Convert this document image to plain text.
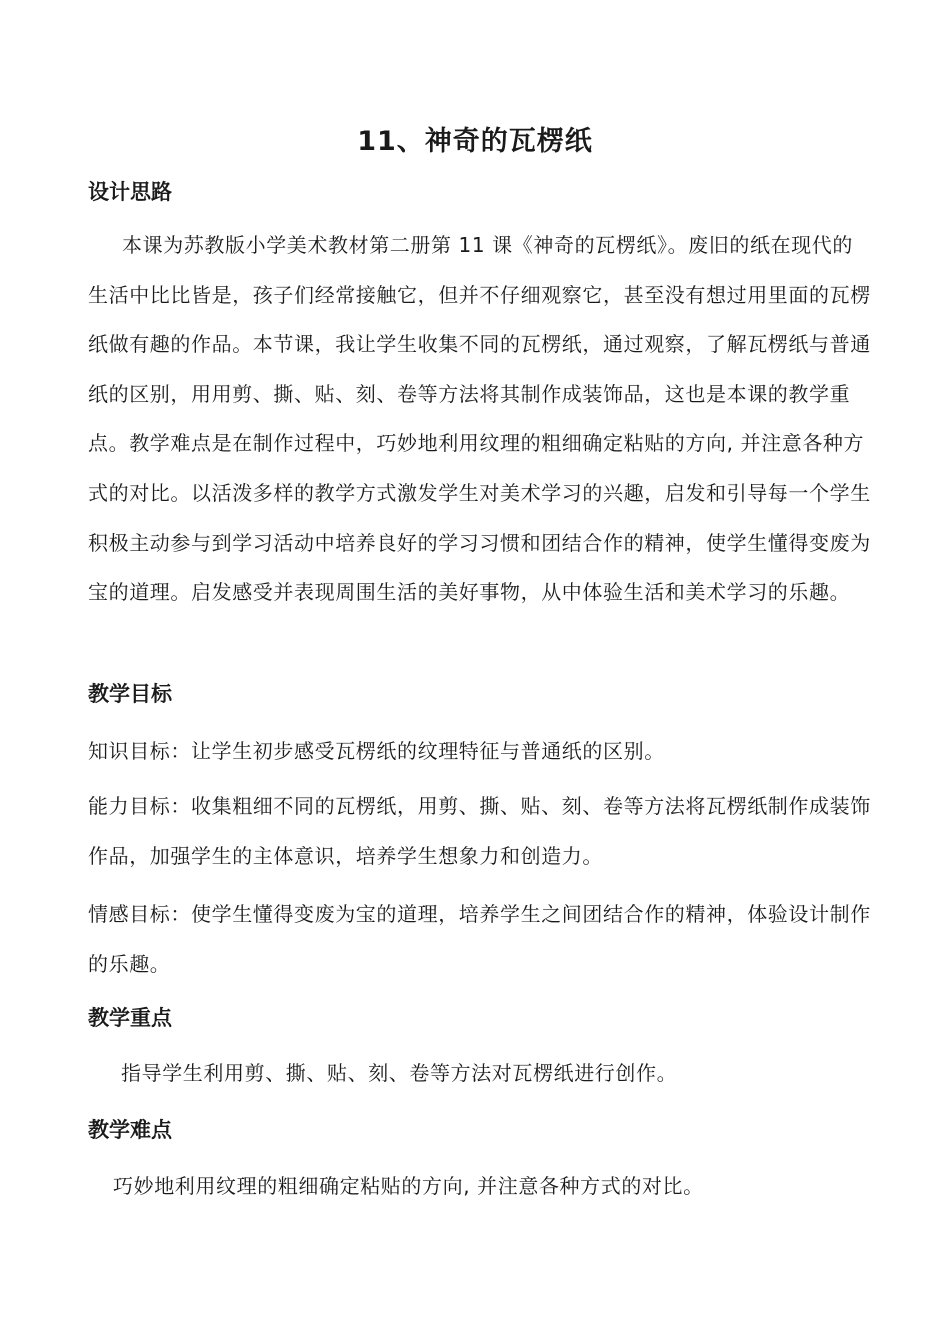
11、神奇的瓦楞纸
设计思路

本课为苏教版小学美术教材第二册第 11 课《神奇的瓦楞纸》。废旧的纸在现代的生活中比比皆是，孩子们经常接触它，但并不仔细观察它，甚至没有想过用里面的瓦楞纸做有趣的作品。本节课，我让学生收集不同的瓦楞纸，通过观察，了解瓦楞纸与普通纸的区别，用用剪、撕、贴、刻、卷等方法将其制作成装饰品，这也是本课的教学重点。教学难点是在制作过程中，巧妙地利用纹理的粗细确定粘贴的方向, 并注意各种方式的对比。以活泼多样的教学方式激发学生对美术学习的兴趣，启发和引导每一个学生积极主动参与到学习活动中培养良好的学习习惯和团结合作的精神，使学生懂得变废为宝的道理。启发感受并表现周围生活的美好事物，从中体验生活和美术学习的乐趣。

教学目标
知识目标：让学生初步感受瓦楞纸的纹理特征与普通纸的区别。

能力目标：收集粗细不同的瓦楞纸，用剪、撕、贴、刻、卷等方法将瓦楞纸制作成装饰作品，加强学生的主体意识，培养学生想象力和创造力。

情感目标：使学生懂得变废为宝的道理，培养学生之间团结合作的精神，体验设计制作的乐趣。

教学重点
指导学生利用剪、撕、贴、刻、卷等方法对瓦楞纸进行创作。
教学难点
巧妙地利用纹理的粗细确定粘贴的方向, 并注意各种方式的对比。
